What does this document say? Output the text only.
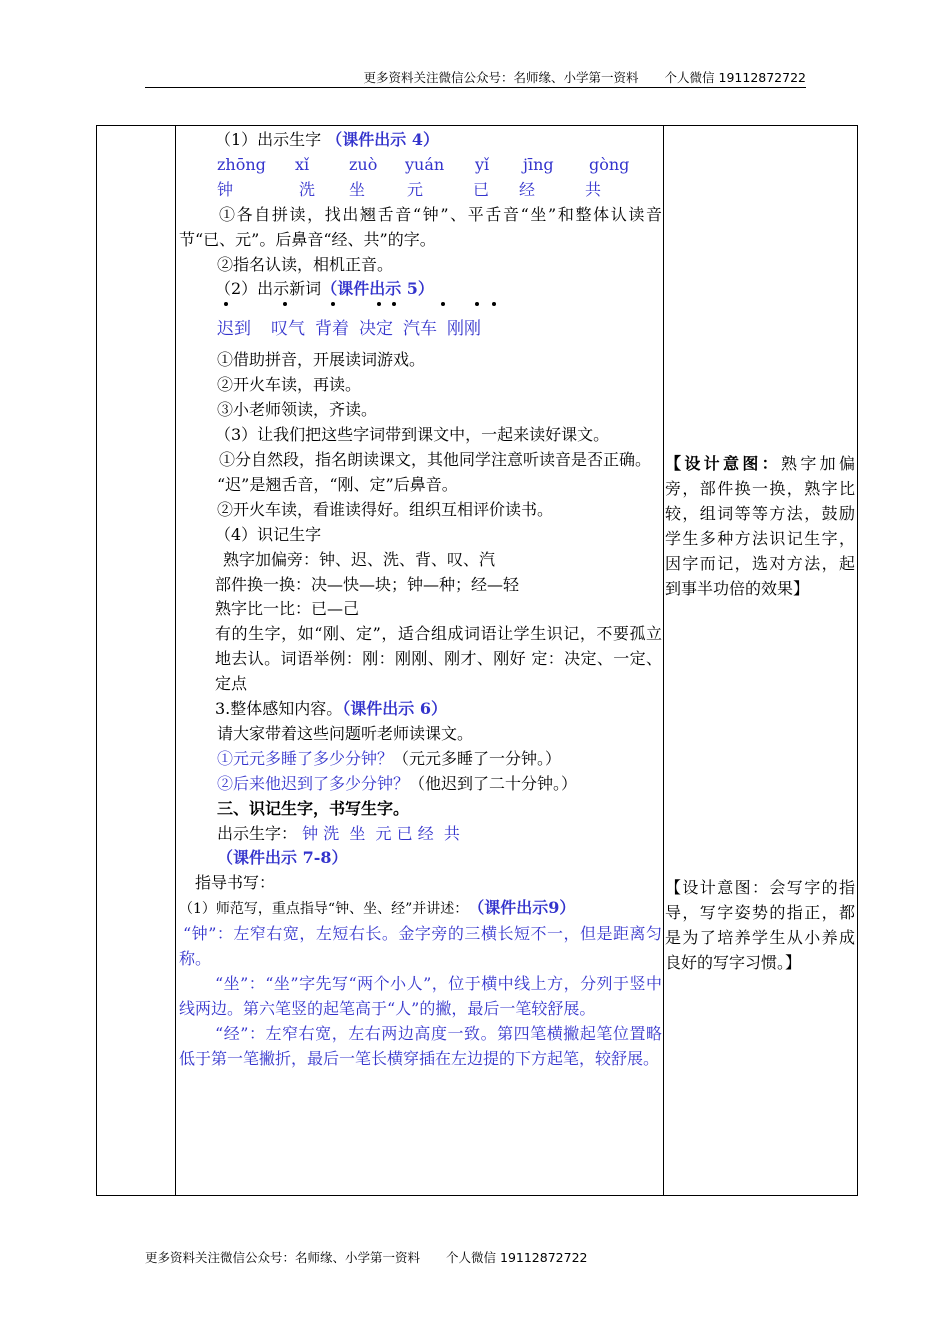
更多资料关注微信公众号：名师缘、小学第一资料 个人微信 19112872722

（1）出示生字 （课件出示 4）

zhōng xǐ zuò yuán yǐ jīng gòng

钟	洗 坐	元	已 经	共

①各自拼读，找出翘舌音“钟”、平舌音“坐”和整体认读音节“已、元”。后鼻音“经、共”的字。

②指名认读，相机正音。

（2）出示新词（课件出示 5）

迟到 叹气 背着 决定 汽车 刚刚

①借助拼音，开展读词游戏。

②开火车读，再读。

③小老师领读，齐读。

（3）让我们把这些字词带到课文中，一起来读好课文。

①分自然段，指名朗读课文，其他同学注意听读音是否正确。

“迟”是翘舌音，“刚、定”后鼻音。

②开火车读，看谁读得好。组织互相评价读书。

（4）识记生字

熟字加偏旁：钟、迟、洗、背、叹、汽

部件换一换：决—快—块；钟—种；经—轻

熟字比一比：已—己

有的生字，如“刚、定”，适合组成词语让学生识记，不要孤立地去认。词语举例：刚：刚刚、刚才、刚好 定：决定、一定、定点

3.整体感知内容。（课件出示 6）

请大家带着这些问题听老师读课文。

①元元多睡了多少分钟？（元元多睡了一分钟。）

②后来他迟到了多少分钟？（他迟到了二十分钟。）

三、识记生字，书写生字。

出示生字： 钟 洗  坐  元 已 经  共

（课件出示 7-8）

指导书写：

（1）师范写，重点指导“钟、坐、经”并讲述： （课件出示9）

“钟”：左窄右宽，左短右长。金字旁的三横长短不一，但是距离匀称。

“坐”：“坐”字先写“两个小人”，位于横中线上方，分列于竖中线两边。第六笔竖的起笔高于“人”的撇，最后一笔较舒展。

“经”：左窄右宽，左右两边高度一致。第四笔横撇起笔位置略低于第一笔撇折，最后一笔长横穿插在左边提的下方起笔，较舒展。

【设计意图：熟字加偏旁，部件换一换，熟字比较，组词等等方法，鼓励学生多种方法识记生字，因字而记，选对方法，起到事半功倍的效果】
【设计意图：会写字的指导，写字姿势的指正，都是为了培养学生从小养成良好的写字习惯。】
更多资料关注微信公众号：名师缘、小学第一资料 个人微信 19112872722
